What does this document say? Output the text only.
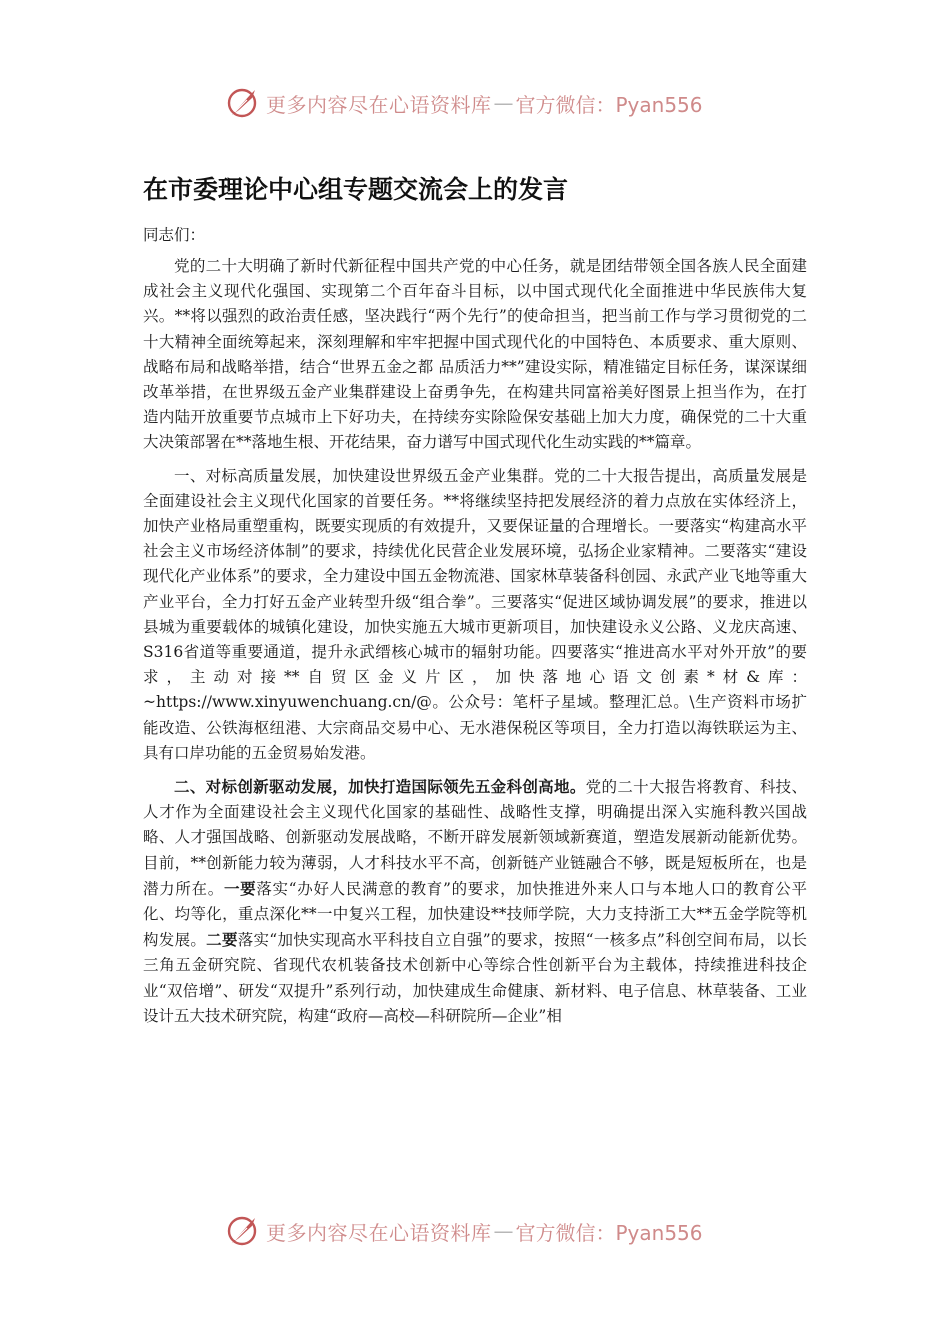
更多内容尽在心语资料库 — 官方微信：Pyan556
在市委理论中心组专题交流会上的发言

同志们：

党的二十大明确了新时代新征程中国共产党的中心任务，就是团结带领全国各族人民全面建成社会主义现代化强国、实现第二个百年奋斗目标，以中国式现代化全面推进中华民族伟大复兴。**将以强烈的政治责任感，坚决践行“两个先行”的使命担当，把当前工作与学习贯彻党的二十大精神全面统筹起来，深刻理解和牢牢把握中国式现代化的中国特色、本质要求、重大原则、战略布局和战略举措，结合“世界五金之都 品质活力**”建设实际，精准锚定目标任务，谋深谋细改革举措，在世界级五金产业集群建设上奋勇争先，在构建共同富裕美好图景上担当作为，在打造内陆开放重要节点城市上下好功夫，在持续夯实除险保安基础上加大力度，确保党的二十大重大决策部署在**落地生根、开花结果，奋力谱写中国式现代化生动实践的**篇章。

一、对标高质量发展，加快建设世界级五金产业集群。党的二十大报告提出，高质量发展是全面建设社会主义现代化国家的首要任务。**将继续坚持把发展经济的着力点放在实体经济上，加快产业格局重塑重构，既要实现质的有效提升，又要保证量的合理增长。一要落实“构建高水平社会主义市场经济体制”的要求，持续优化民营企业发展环境，弘扬企业家精神。二要落实“建设现代化产业体系”的要求，全力建设中国五金物流港、国家林草装备科创园、永武产业飞地等重大产业平台，全力打好五金产业转型升级“组合拳”。三要落实“促进区域协调发展”的要求，推进以县城为重要载体的城镇化建设，加快实施五大城市更新项目，加快建设永义公路、义龙庆高速、S316省道等重要通道，提升永武缙核心城市的辐射功能。四要落实“推进高水平对外开放”的要求，主动对接**自贸区金义片区，加快落地心语文创素*材&库：~https://www.xinyuwenchuang.cn/@。公众号：笔杆子星域。整理汇总。\生产资料市场扩能改造、公铁海枢纽港、大宗商品交易中心、无水港保税区等项目，全力打造以海铁联运为主、具有口岸功能的五金贸易始发港。

二、对标创新驱动发展，加快打造国际领先五金科创高地。党的二十大报告将教育、科技、人才作为全面建设社会主义现代化国家的基础性、战略性支撑，明确提出深入实施科教兴国战略、人才强国战略、创新驱动发展战略，不断开辟发展新领域新赛道，塑造发展新动能新优势。目前，**创新能力较为薄弱，人才科技水平不高，创新链产业链融合不够，既是短板所在，也是潜力所在。一要落实“办好人民满意的教育”的要求，加快推进外来人口与本地人口的教育公平化、均等化，重点深化**一中复兴工程，加快建设**技师学院，大力支持浙工大**五金学院等机构发展。二要落实“加快实现高水平科技自立自强”的要求，按照“一核多点”科创空间布局，以长三角五金研究院、省现代农机装备技术创新中心等综合性创新平台为主载体，持续推进科技企业“双倍增”、研发“双提升”系列行动，加快建成生命健康、新材料、电子信息、林草装备、工业设计五大技术研究院，构建“政府—高校—科研院所—企业”相

更多内容尽在心语资料库 — 官方微信：Pyan556
